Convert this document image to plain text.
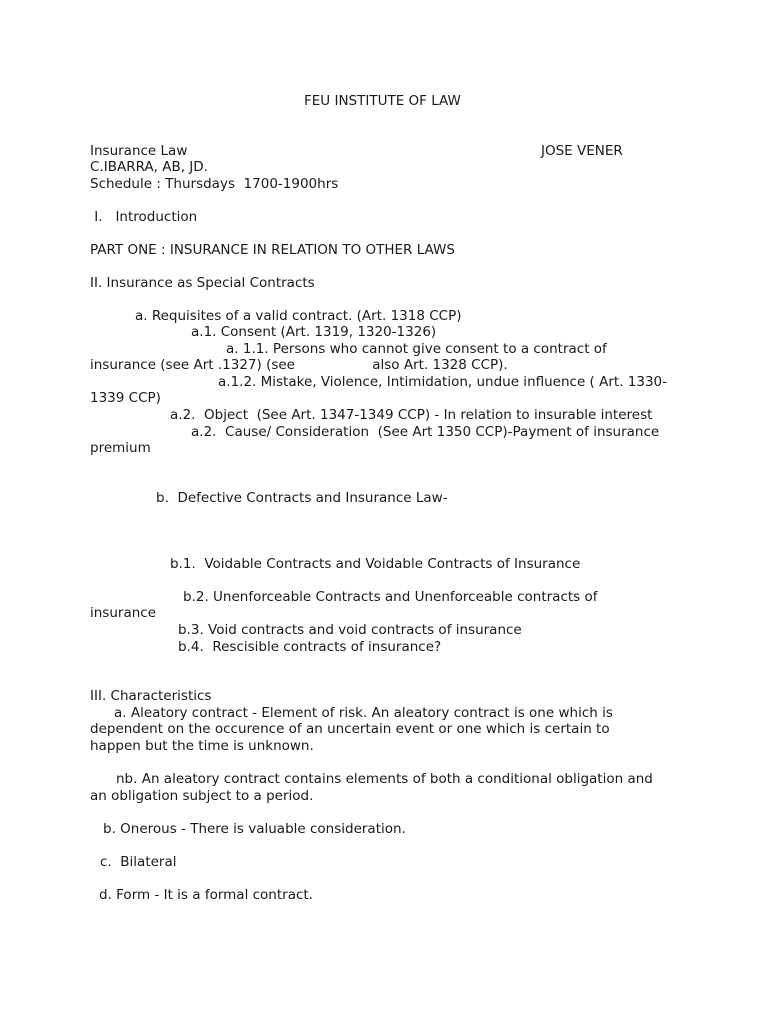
FEU INSTITUTE OF LAW
Insurance Law	JOSE VENER
C.IBARRA, AB, JD.
Schedule : Thursdays  1700-1900hrs
I.   Introduction
PART ONE : INSURANCE IN RELATION TO OTHER LAWS
II. Insurance as Special Contracts
a. Requisites of a valid contract. (Art. 1318 CCP)
a.1. Consent (Art. 1319, 1320-1326)
a. 1.1. Persons who cannot give consent to a contract of
insurance (see Art .1327) (see                  also Art. 1328 CCP).
a.1.2. Mistake, Violence, Intimidation, undue influence ( Art. 1330-
1339 CCP)
a.2.  Object  (See Art. 1347-1349 CCP) - In relation to insurable interest
a.2.  Cause/ Consideration  (See Art 1350 CCP)-Payment of insurance
premium
b.  Defective Contracts and Insurance Law-
b.1.  Voidable Contracts and Voidable Contracts of Insurance
b.2. Unenforceable Contracts and Unenforceable contracts of
insurance
b.3. Void contracts and void contracts of insurance
b.4.  Rescisible contracts of insurance?
III. Characteristics
a. Aleatory contract - Element of risk. An aleatory contract is one which is
dependent on the occurence of an uncertain event or one which is certain to
happen but the time is unknown.
nb. An aleatory contract contains elements of both a conditional obligation and
an obligation subject to a period.
b. Onerous - There is valuable consideration.
c.  Bilateral
d. Form - It is a formal contract.
